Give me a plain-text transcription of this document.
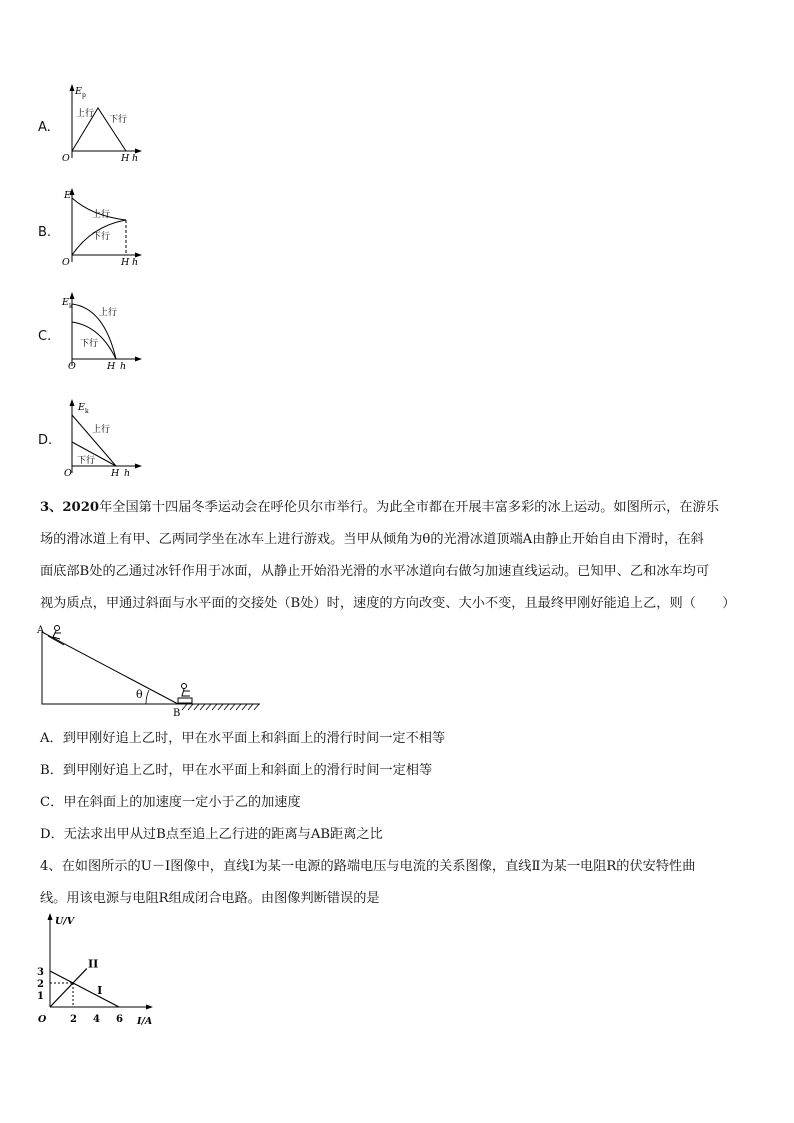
A.
E p
上行
下行
O	H h
B.
E
上行
下行
O	H h
C.
E k
上行
下行
O	H h
D.
E k
上行
下行
O	H h
3、2020年全国第十四届冬季运动会在呼伦贝尔市举行。为此全市都在开展丰富多彩的冰上运动。如图所示，在游乐
场的滑冰道上有甲、乙两同学坐在冰车上进行游戏。当甲从倾角为θ的光滑冰道顶端A由静止开始自由下滑时，在斜
面底部B处的乙通过冰钎作用于冰面，从静止开始沿光滑的水平冰道向右做匀加速直线运动。已知甲、乙和冰车均可
视为质点，甲通过斜面与水平面的交接处（B处）时，速度的方向改变、大小不变，且最终甲刚好能追上乙，则（　　）
θ
A
B
A．到甲刚好追上乙时，甲在水平面上和斜面上的滑行时间一定不相等
B．到甲刚好追上乙时，甲在水平面上和斜面上的滑行时间一定相等
C．甲在斜面上的加速度一定小于乙的加速度
D．无法求出甲从过B点至追上乙行进的距离与AB距离之比
4、在如图所示的U－I图像中，直线Ⅰ为某一电源的路端电压与电流的关系图像，直线Ⅱ为某一电阻R的伏安特性曲
线。用该电源与电阻R组成闭合电路。由图像判断错误的是
U/V
I/A
O
I
II
1
2
3
2 4 6
